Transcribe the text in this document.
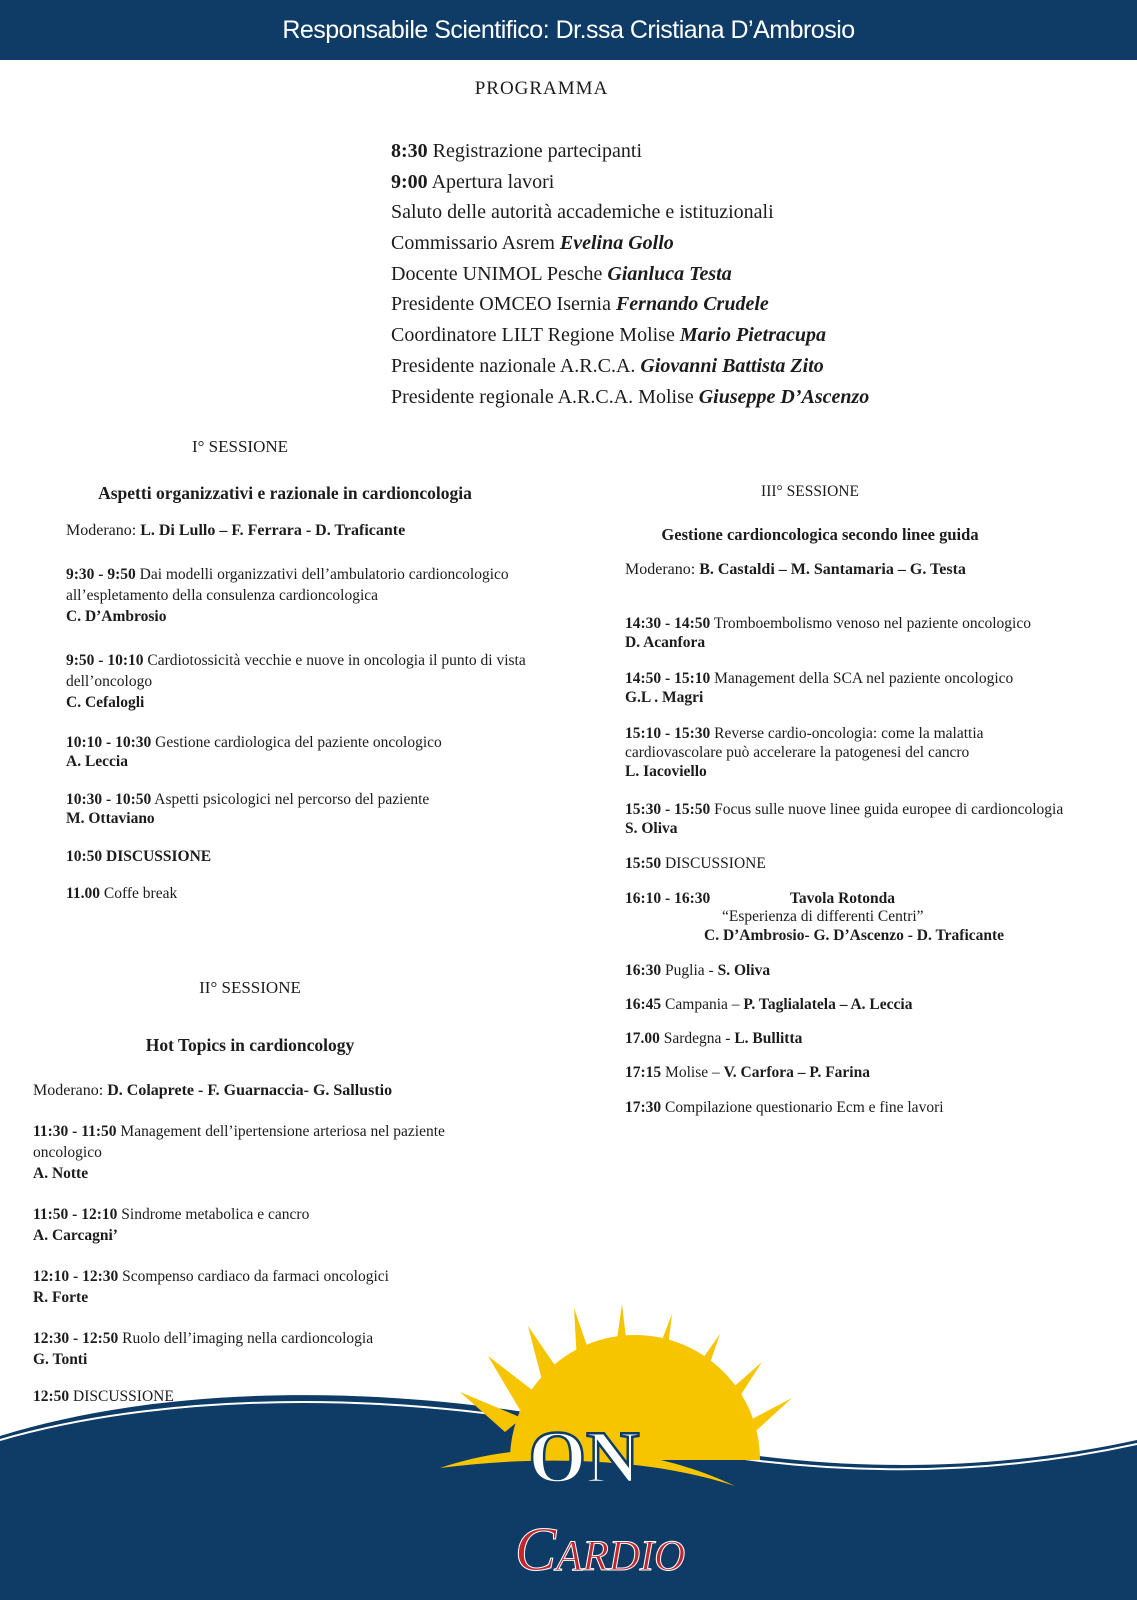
Responsabile Scientifico: Dr.ssa Cristiana D’Ambrosio
PROGRAMMA
8:30 Registrazione partecipanti
9:00 Apertura lavori
Saluto delle autorità accademiche e istituzionali
Commissario Asrem Evelina Gollo
Docente UNIMOL Pesche Gianluca Testa
Presidente OMCEO Isernia Fernando Crudele
Coordinatore LILT Regione Molise Mario Pietracupa
Presidente nazionale A.R.C.A. Giovanni Battista Zito
Presidente regionale A.R.C.A. Molise Giuseppe D’Ascenzo
I° SESSIONE
Aspetti organizzativi e razionale in cardioncologia
Moderano: L. Di Lullo – F. Ferrara - D. Traficante
9:30 - 9:50 Dai modelli organizzativi dell’ambulatorio cardioncologico all’espletamento della consulenza cardioncologica
C. D’Ambrosio
9:50 - 10:10 Cardiotossicità vecchie e nuove in oncologia il punto di vista dell’oncologo
C. Cefalogli
10:10 - 10:30 Gestione cardiologica del paziente oncologico
A. Leccia
10:30 - 10:50 Aspetti psicologici nel percorso del paziente
M. Ottaviano
10:50 DISCUSSIONE
11.00 Coffe break
II° SESSIONE
Hot Topics in cardioncology
Moderano: D. Colaprete - F. Guarnaccia- G. Sallustio
11:30 - 11:50 Management dell’ipertensione arteriosa nel paziente oncologico
A. Notte
11:50 - 12:10 Sindrome metabolica e cancro
A. Carcagni’
12:10 - 12:30 Scompenso cardiaco da farmaci oncologici
R. Forte
12:30 - 12:50 Ruolo dell’imaging nella cardioncologia
G. Tonti
12:50 DISCUSSIONE
III° SESSIONE
Gestione cardioncologica secondo linee guida
Moderano: B. Castaldi – M. Santamaria – G. Testa
14:30 - 14:50 Tromboembolismo venoso nel paziente oncologico
D. Acanfora
14:50 - 15:10 Management della SCA nel paziente oncologico
G.L . Magri
15:10 - 15:30 Reverse cardio-oncologia: come la malattia cardiovascolare può accelerare la patogenesi del cancro
L. Iacoviello
15:30 - 15:50 Focus sulle nuove linee guida europee di cardioncologia
S. Oliva
15:50 DISCUSSIONE
16:10 - 16:30	Tavola Rotonda
“Esperienza di differenti Centri”
C. D’Ambrosio- G. D’Ascenzo - D. Traficante
16:30 Puglia - S. Oliva
16:45 Campania – P. Taglialatela – A. Leccia
17.00 Sardegna - L. Bullitta
17:15 Molise – V. Carfora – P. Farina
17:30 Compilazione questionario Ecm e fine lavori
ON
Cardio
